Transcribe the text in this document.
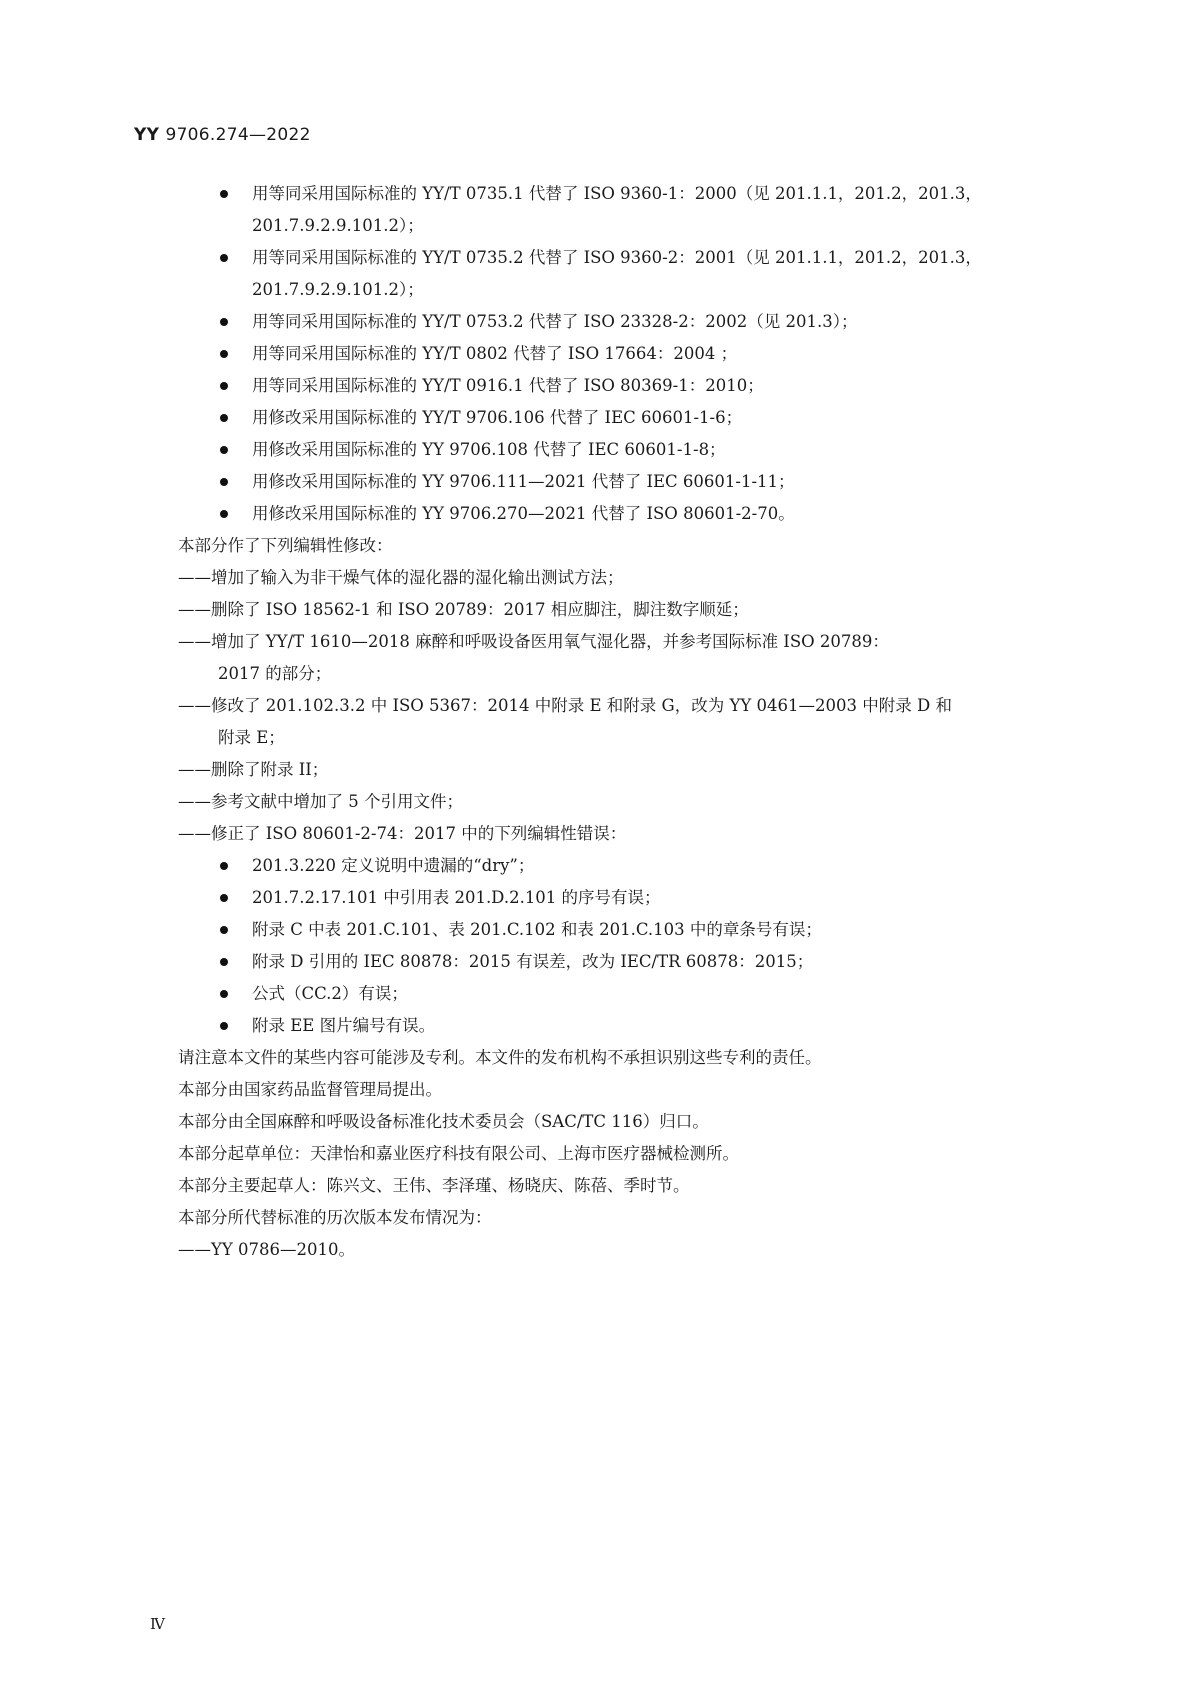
YY 9706.274—2022
用等同采用国际标准的 YY/T 0735.1 代替了 ISO 9360-1：2000（见 201.1.1，201.2，201.3，
201.7.9.2.9.101.2）；
用等同采用国际标准的 YY/T 0735.2 代替了 ISO 9360-2：2001（见 201.1.1，201.2，201.3，
201.7.9.2.9.101.2）；
用等同采用国际标准的 YY/T 0753.2 代替了 ISO 23328-2：2002（见 201.3）；
用等同采用国际标准的 YY/T 0802 代替了 ISO 17664：2004 ；
用等同采用国际标准的 YY/T 0916.1 代替了 ISO 80369-1：2010；
用修改采用国际标准的 YY/T 9706.106 代替了 IEC 60601-1-6；
用修改采用国际标准的 YY 9706.108 代替了 IEC 60601-1-8；
用修改采用国际标准的 YY 9706.111—2021 代替了 IEC 60601-1-11；
用修改采用国际标准的 YY 9706.270—2021 代替了 ISO 80601-2-70。
本部分作了下列编辑性修改：
——增加了输入为非干燥气体的湿化器的湿化输出测试方法；
——删除了 ISO 18562-1 和 ISO 20789：2017 相应脚注，脚注数字顺延；
——增加了 YY/T 1610—2018 麻醉和呼吸设备医用氧气湿化器，并参考国际标准 ISO 20789：
2017 的部分；
——修改了 201.102.3.2 中 ISO 5367：2014 中附录 E 和附录 G，改为 YY 0461—2003 中附录 D 和
附录 E；
——删除了附录 II；
——参考文献中增加了 5 个引用文件；
——修正了 ISO 80601-2-74：2017 中的下列编辑性错误：
201.3.220 定义说明中遗漏的“dry”；
201.7.2.17.101 中引用表 201.D.2.101 的序号有误；
附录 C 中表 201.C.101、表 201.C.102 和表 201.C.103 中的章条号有误；
附录 D 引用的 IEC 80878：2015 有误差，改为 IEC/TR 60878：2015；
公式（CC.2）有误；
附录 EE 图片编号有误。
请注意本文件的某些内容可能涉及专利。本文件的发布机构不承担识别这些专利的责任。
本部分由国家药品监督管理局提出。
本部分由全国麻醉和呼吸设备标准化技术委员会（SAC/TC 116）归口。
本部分起草单位：天津怡和嘉业医疗科技有限公司、上海市医疗器械检测所。
本部分主要起草人：陈兴文、王伟、李泽瑾、杨晓庆、陈蓓、季时节。
本部分所代替标准的历次版本发布情况为：
——YY 0786—2010。
Ⅳ
